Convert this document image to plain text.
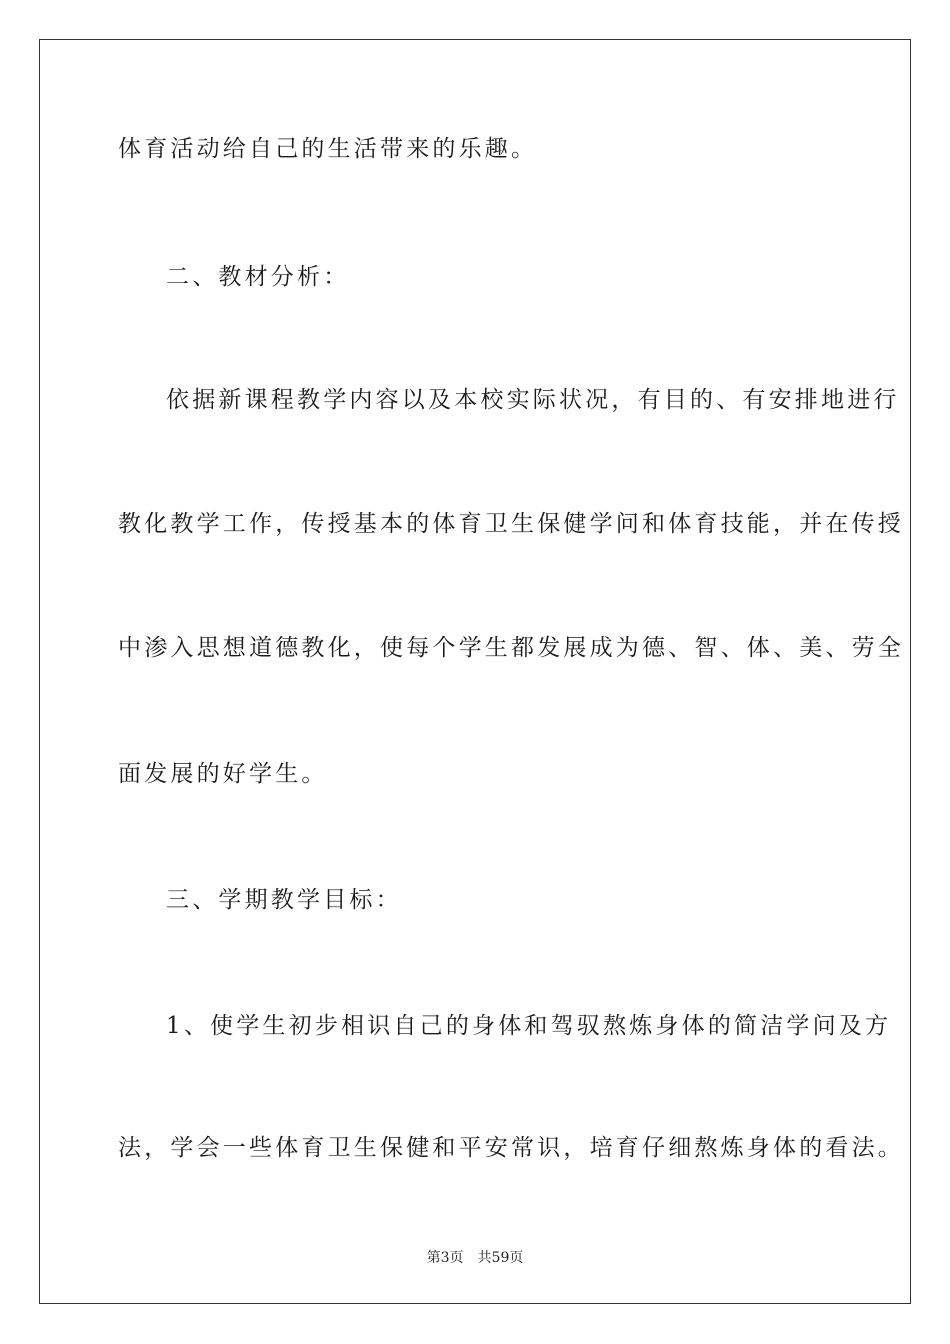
体育活动给自己的生活带来的乐趣。
二、教材分析：
依据新课程教学内容以及本校实际状况，有目的、有安排地进行
教化教学工作，传授基本的体育卫生保健学问和体育技能，并在传授
中渗入思想道德教化，使每个学生都发展成为德、智、体、美、劳全
面发展的好学生。
三、学期教学目标：
1、使学生初步相识自己的身体和驾驭熬炼身体的简洁学问及方
法，学会一些体育卫生保健和平安常识，培育仔细熬炼身体的看法。
第3页 共59页
